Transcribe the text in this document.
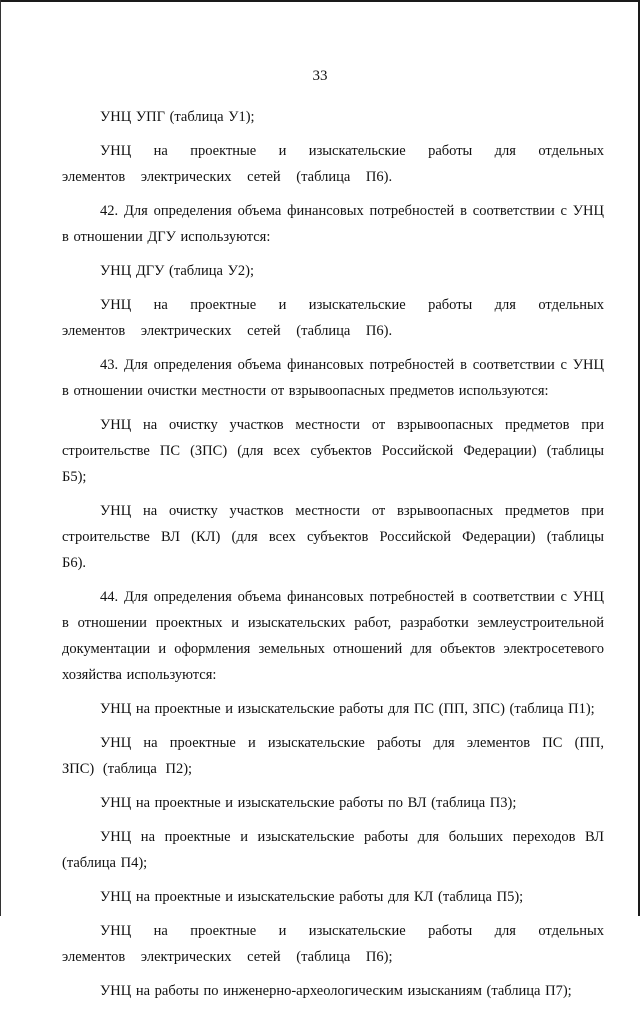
33

УНЦ УПГ (таблица У1);

УНЦ на проектные и изыскательские работы для отдельных элементов электрических сетей (таблица П6).

42. Для определения объема финансовых потребностей в соответствии с УНЦ в отношении ДГУ используются:

УНЦ ДГУ (таблица У2);

УНЦ на проектные и изыскательские работы для отдельных элементов электрических сетей (таблица П6).

43. Для определения объема финансовых потребностей в соответствии с УНЦ в отношении очистки местности от взрывоопасных предметов используются:

УНЦ на очистку участков местности от взрывоопасных предметов при строительстве ПС (ЗПС) (для всех субъектов Российской Федерации) (таблицы Б5);

УНЦ на очистку участков местности от взрывоопасных предметов при строительстве ВЛ (КЛ) (для всех субъектов Российской Федерации) (таблицы Б6).

44. Для определения объема финансовых потребностей в соответствии с УНЦ в отношении проектных и изыскательских работ, разработки землеустроительной документации и оформления земельных отношений для объектов электросетевого хозяйства используются:

УНЦ на проектные и изыскательские работы для ПС (ПП, ЗПС) (таблица П1);

УНЦ на проектные и изыскательские работы для элементов ПС (ПП, ЗПС) (таблица П2);

УНЦ на проектные и изыскательские работы по ВЛ (таблица П3);

УНЦ на проектные и изыскательские работы для больших переходов ВЛ (таблица П4);

УНЦ на проектные и изыскательские работы для КЛ (таблица П5);

УНЦ на проектные и изыскательские работы для отдельных элементов электрических сетей (таблица П6);

УНЦ на работы по инженерно-археологическим изысканиям (таблица П7);
